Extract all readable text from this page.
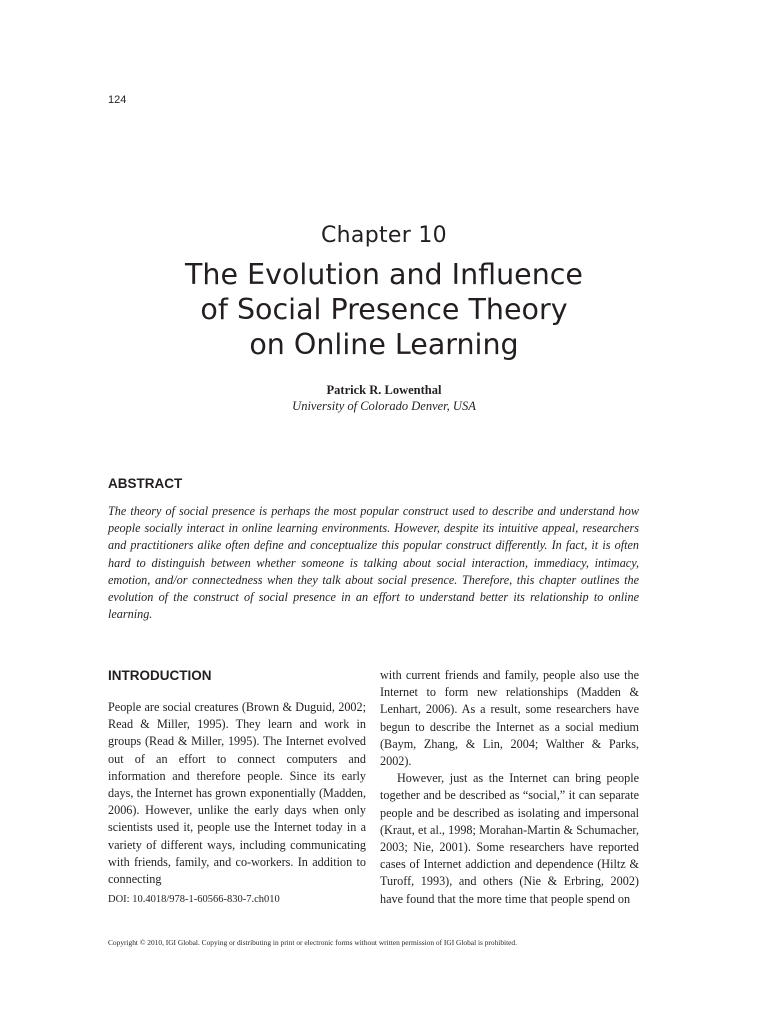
124
Chapter 10
The Evolution and Influence
of Social Presence Theory
on Online Learning
Patrick R. Lowenthal
University of Colorado Denver, USA
ABSTRACT

The theory of social presence is perhaps the most popular construct used to describe and understand how people socially interact in online learning environments. However, despite its intuitive appeal, researchers and practitioners alike often define and conceptualize this popular construct differently. In fact, it is often hard to distinguish between whether someone is talking about social interaction, immediacy, intimacy, emotion, and/or connectedness when they talk about social presence. Therefore, this chapter outlines the evolution of the construct of social presence in an effort to understand better its relationship to online learning.

INTRODUCTION

People are social creatures (Brown & Duguid, 2002; Read & Miller, 1995). They learn and work in groups (Read & Miller, 1995). The Internet evolved out of an effort to connect computers and information and therefore people. Since its early days, the Internet has grown exponentially (Madden, 2006). However, unlike the early days when only scientists used it, people use the Internet today in a variety of different ways, including communicating with friends, family, and co-workers. In addition to connecting

with current friends and family, people also use the Internet to form new relationships (Madden & Lenhart, 2006). As a result, some researchers have begun to describe the Internet as a social medium (Baym, Zhang, & Lin, 2004; Walther & Parks, 2002).

However, just as the Internet can bring people together and be described as “social,” it can separate people and be described as isolating and impersonal (Kraut, et al., 1998; Morahan-Martin & Schumacher, 2003; Nie, 2001). Some researchers have reported cases of Internet addiction and dependence (Hiltz & Turoff, 1993), and others (Nie & Erbring, 2002) have found that the more time that people spend on

DOI: 10.4018/978-1-60566-830-7.ch010
Copyright © 2010, IGI Global. Copying or distributing in print or electronic forms without written permission of IGI Global is prohibited.
